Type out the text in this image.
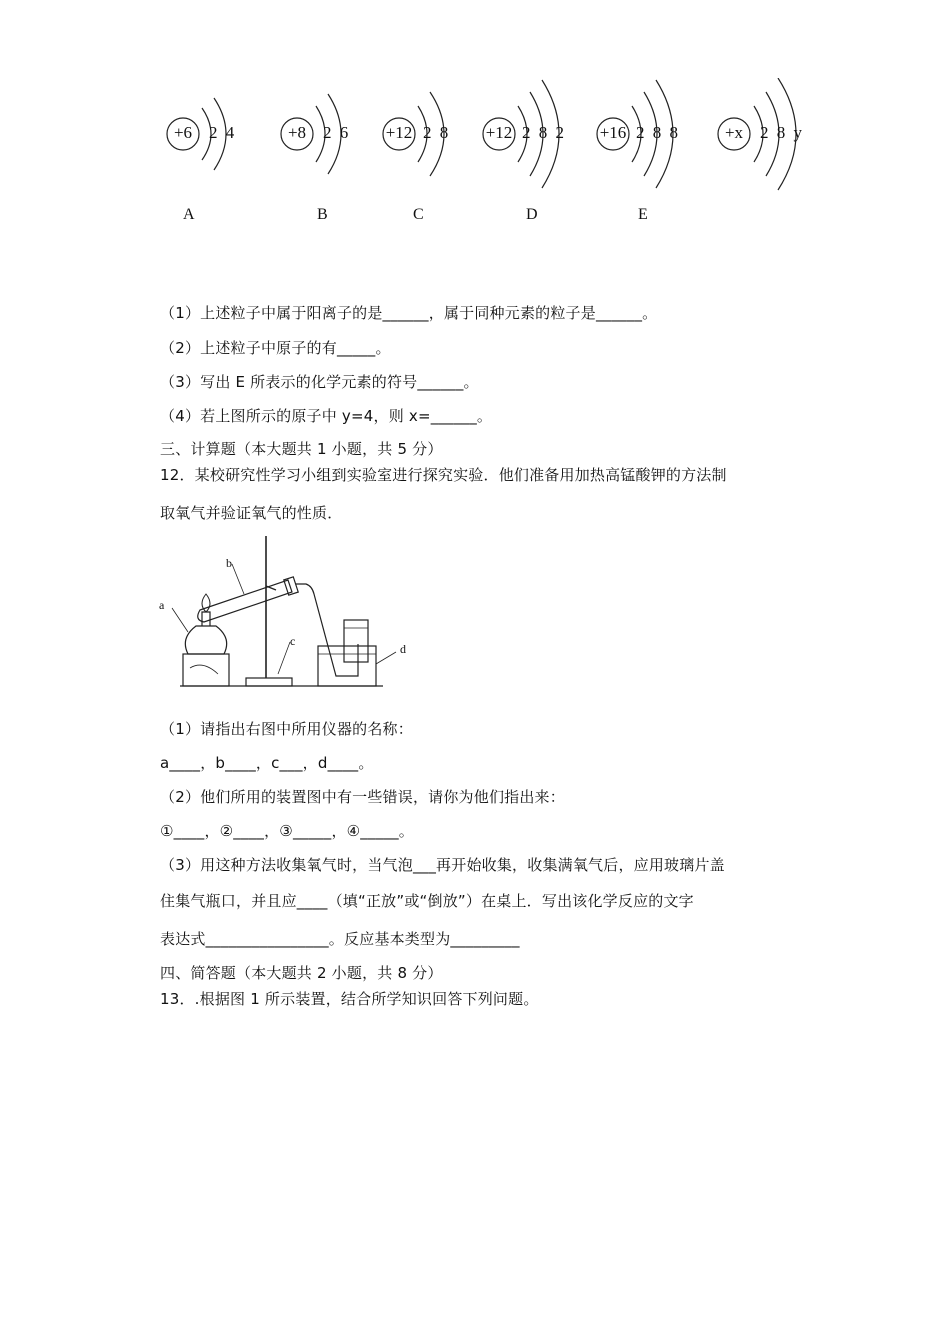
+6 2 4	+8 2 6 +12 2 8 +12 2 8 2 +16 2 8 8	+x 2 8 y
A	B	C	D	E
（1）上述粒子中属于阳离子的是______，属于同种元素的粒子是______。
（2）上述粒子中原子的有_____。
（3）写出 E 所表示的化学元素的符号______。
（4）若上图所示的原子中 y=4，则 x=______。
三、计算题（本大题共 1 小题，共 5 分）
12．某校研究性学习小组到实验室进行探究实验．他们准备用加热高锰酸钾的方法制
取氧气并验证氧气的性质．
a
b
c
d
（1）请指出右图中所用仪器的名称：
a____，b____，c___，d____。
（2）他们所用的装置图中有一些错误，请你为他们指出来：
①____，②____，③_____，④_____。
（3）用这种方法收集氧气时，当气泡___再开始收集，收集满氧气后，应用玻璃片盖
住集气瓶口，并且应____（填“正放”或“倒放”）在桌上．写出该化学反应的文字
表达式________________。反应基本类型为_________
四、简答题（本大题共 2 小题，共 8 分）
13．.根据图 1 所示装置，结合所学知识回答下列问题。
